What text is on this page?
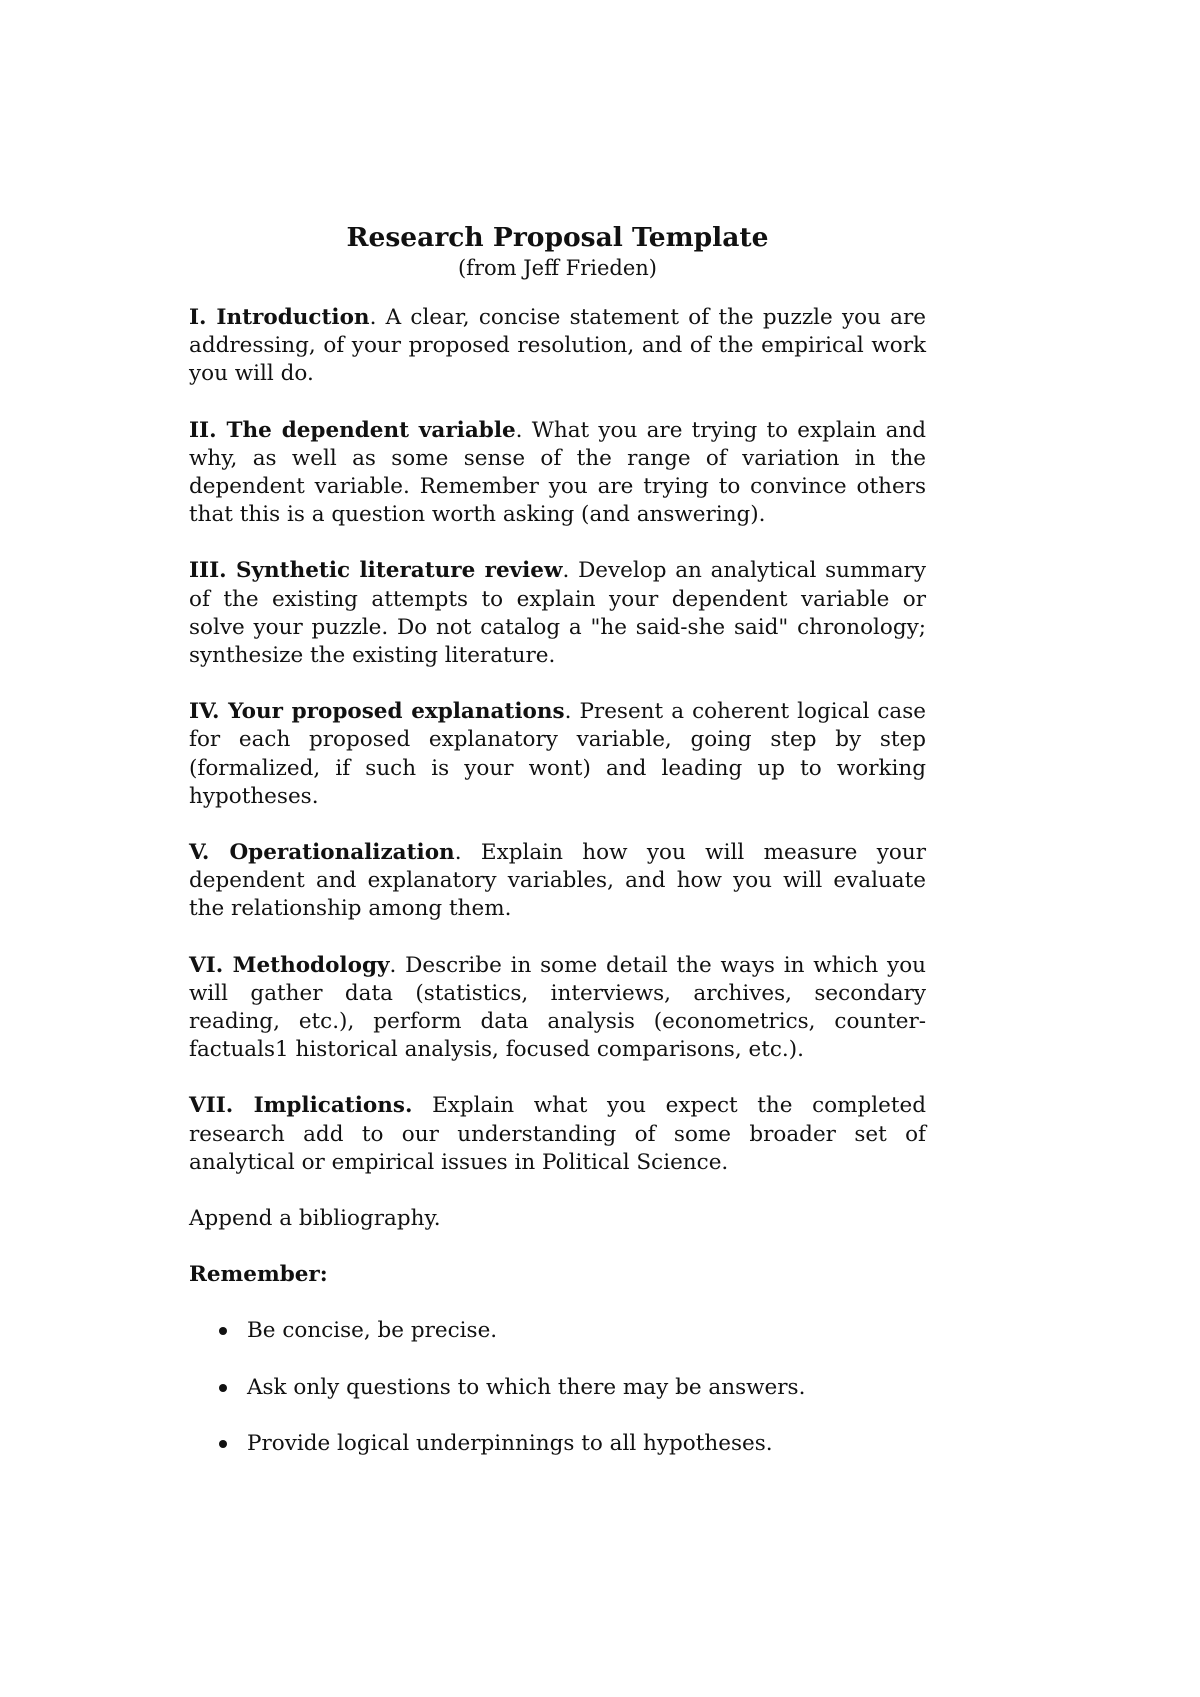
Research Proposal Template

(from Jeff Frieden)

I. Introduction. A clear, concise statement of the puzzle you are addressing, of your proposed resolution, and of the empirical work you will do.

II. The dependent variable. What you are trying to explain and why, as well as some sense of the range of variation in the dependent variable. Remember you are trying to convince others that this is a question worth asking (and answering).

III. Synthetic literature review. Develop an analytical summary of the existing attempts to explain your dependent variable or solve your puzzle. Do not catalog a "he said-she said" chronology; synthesize the existing literature.

IV. Your proposed explanations. Present a coherent logical case for each proposed explanatory variable, going step by step (formalized, if such is your wont) and leading up to working hypotheses.

V. Operationalization. Explain how you will measure your dependent and explanatory variables, and how you will evaluate the relationship among them.

VI. Methodology. Describe in some detail the ways in which you will gather data (statistics, interviews, archives, secondary reading, etc.), perform data analysis (econometrics, counter-factuals1 historical analysis, focused comparisons, etc.).

VII. Implications. Explain what you expect the completed research add to our understanding of some broader set of analytical or empirical issues in Political Science.

Append a bibliography.

Remember:

Be concise, be precise.
Ask only questions to which there may be answers.
Provide logical underpinnings to all hypotheses.
